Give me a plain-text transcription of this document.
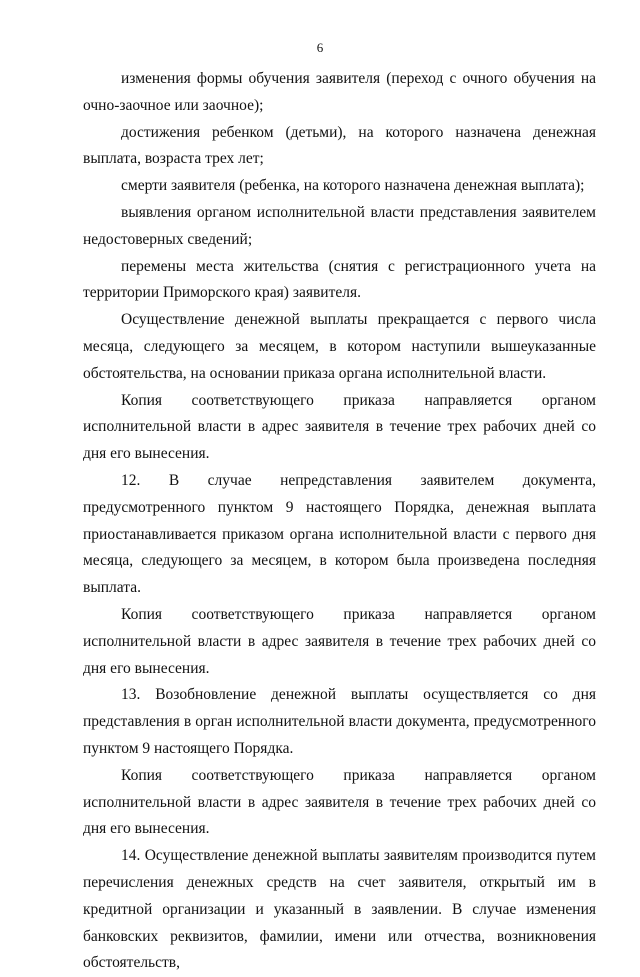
6

изменения формы обучения заявителя (переход с очного обучения на очно-заочное или заочное);

достижения ребенком (детьми), на которого назначена денежная выплата, возраста трех лет;

смерти заявителя (ребенка, на которого назначена денежная выплата);

выявления органом исполнительной власти представления заявителем недостоверных сведений;

перемены места жительства (снятия с регистрационного учета на территории Приморского края) заявителя.

Осуществление денежной выплаты прекращается с первого числа месяца, следующего за месяцем, в котором наступили вышеуказанные обстоятельства, на основании приказа органа исполнительной власти.

Копия соответствующего приказа направляется органом исполнительной власти в адрес заявителя в течение трех рабочих дней со дня его вынесения.

12. В случае непредставления заявителем документа, предусмотренного пунктом 9 настоящего Порядка, денежная выплата приостанавливается приказом органа исполнительной власти с первого дня месяца, следующего за месяцем, в котором была произведена последняя выплата.

Копия соответствующего приказа направляется органом исполнительной власти в адрес заявителя в течение трех рабочих дней со дня его вынесения.

13. Возобновление денежной выплаты осуществляется со дня представления в орган исполнительной власти документа, предусмотренного пунктом 9 настоящего Порядка.

Копия соответствующего приказа направляется органом исполнительной власти в адрес заявителя в течение трех рабочих дней со дня его вынесения.

14. Осуществление денежной выплаты заявителям производится путем перечисления денежных средств на счет заявителя, открытый им в кредитной организации и указанный в заявлении. В случае изменения банковских реквизитов, фамилии, имени или отчества, возникновения обстоятельств,
